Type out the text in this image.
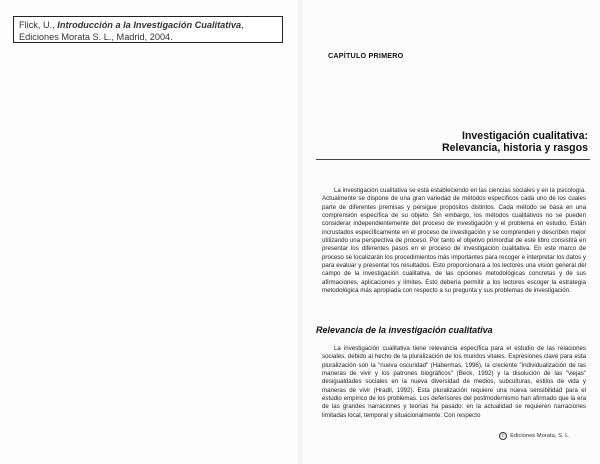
Flick, U., Introducción a la Investigación Cualitativa, Ediciones Morata S. L., Madrid, 2004.
CAPÍTULO PRIMERO
Investigación cualitativa:
Relevancia, historia y rasgos

La investigación cualitativa se está estableciendo en las ciencias sociales y en la psicología. Actualmente se dispone de una gran variedad de métodos específicos cada uno de los cuales parte de diferentes premisas y persigue propósitos distintos. Cada método se basa en una comprensión específica de su objeto. Sin embargo, los métodos cualitativos no se pueden considerar independientemente del proceso de investigación y el problema en estudio. Están incrustados específicamente en el proceso de investigación y se comprenden y describen mejor utilizando una perspectiva de proceso. Por tanto el objetivo primordial de este libro consistirá en presentar los diferentes pasos en el proceso de investigación cualitativa. En este marco de proceso se localizarán los procedimientos más importantes para recoger e interpretar los datos y para evaluar y presentar los resultados. Esto proporcionará a los lectores una visión general del campo de la investigación cualitativa, de las opciones metodológicas concretas y de sus afirmaciones, aplicaciones y límites. Esto debería permitir a los lectores escoger la estrategia metodológica más apropiada con respecto a su pregunta y sus problemas de investigación.

Relevancia de la investigación cualitativa

La investigación cualitativa tiene relevancia específica para el estudio de las relaciones sociales, debido al hecho de la pluralización de los mundos vitales. Expresiones clave para esta pluralización son la "nueva oscuridad" (Habermas, 1996), la creciente "individualización de las maneras de vivir y los patrones biográficos" (Beck, 1992) y la disolución de las "viejas" desigualdades sociales en la nueva diversidad de medios, subculturas, estilos de vida y maneras de vivir (Hradil, 1992). Esta pluralización requiere una nueva sensibilidad para el estudio empírico de los problemas. Los defensores del postmodernismo han afirmado que la era de las grandes narraciones y teorías ha pasado: en la actualidad se requieren narraciones limitadas local, temporal y situacionalmente. Con respecto

© Ediciones Morata, S. L.
